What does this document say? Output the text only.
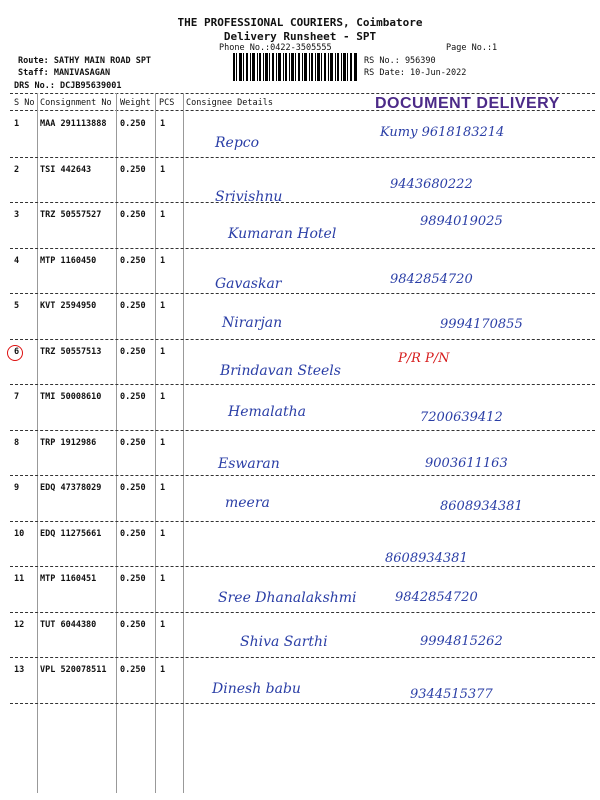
THE PROFESSIONAL COURIERS, Coimbatore
Delivery Runsheet - SPT
Phone No.:0422-3505555	Page No.:1
Route: SATHY MAIN ROAD SPT
Staff: MANIVASAGAN
DRS No.: DCJB95639001
RS No.: 956390
RS Date: 10-Jun-2022
DOCUMENT DELIVERY
S No Consignment No Weight PCS Consignee Details
1 MAA 291113888 0.250 1
Repco
Kumy 9618183214
2 TSI 442643	0.250 1
Srivishnu
9443680222
3 TRZ 50557527 0.250 1
Kumaran Hotel
9894019025
4 MTP 1160450	0.250 1
Gavaskar	9842854720
5 KVT 2594950	0.250 1
Nirarjan	9994170855
6 TRZ 50557513 0.250 1
Brindavan Steels
P/R P/N
7 TMI 50008610 0.250 1
Hemalatha	7200639412
8 TRP 1912986	0.250 1
Eswaran	9003611163
9 EDQ 47378029 0.250 1
meera	8608934381
10 EDQ 11275661 0.250 1
8608934381
11 MTP 1160451	0.250 1
Sree Dhanalakshmi	9842854720
12 TUT 6044380	0.250 1
Shiva Sarthi	9994815262
13 VPL 520078511 0.250 1
Dinesh babu	9344515377
